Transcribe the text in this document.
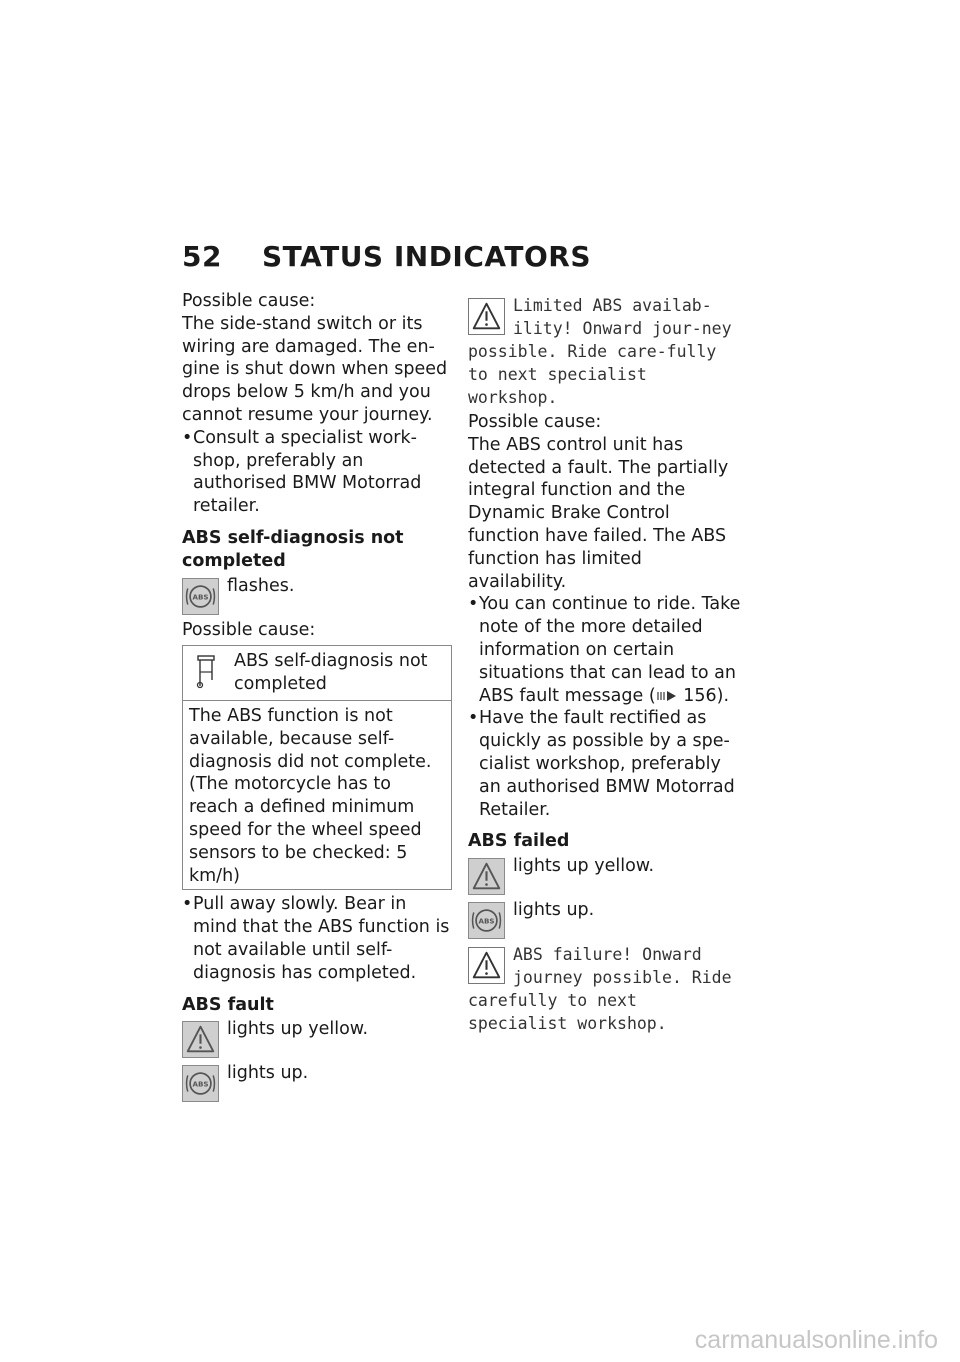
52 STATUS INDICATORS

Possible cause:

The side-stand switch or its wiring are damaged. The en-gine is shut down when speed drops below 5 km/h and you cannot resume your journey.

• Consult a specialist work-shop, preferably an authorised BMW Motorrad retailer.

ABS self-diagnosis not completed

ABS
flashes.

Possible cause:

ABS self-diagnosis not completed
The ABS function is not available, because self-diagnosis did not complete. (The motorcycle has to reach a defined minimum speed for the wheel speed sensors to be checked: 5 km/h)

• Pull away slowly. Bear in mind that the ABS function is not available until self-diagnosis has completed.

ABS fault

lights up yellow.
ABS
lights up.
Limited ABS availab-ility! Onward jour-ney possible. Ride care-fully to next specialist workshop.

Possible cause:

The ABS control unit has detected a fault. The partially integral function and the Dynamic Brake Control function have failed. The ABS function has limited availability.

• You can continue to ride. Take note of the more detailed information on certain situations that can lead to an ABS fault message ( 156).

• Have the fault rectified as quickly as possible by a spe-cialist workshop, preferably an authorised BMW Motorrad Retailer.

ABS failed

lights up yellow.
ABS
lights up.
ABS failure! Onward journey possible. Ride carefully to next specialist workshop.
carmanualsonline.info
